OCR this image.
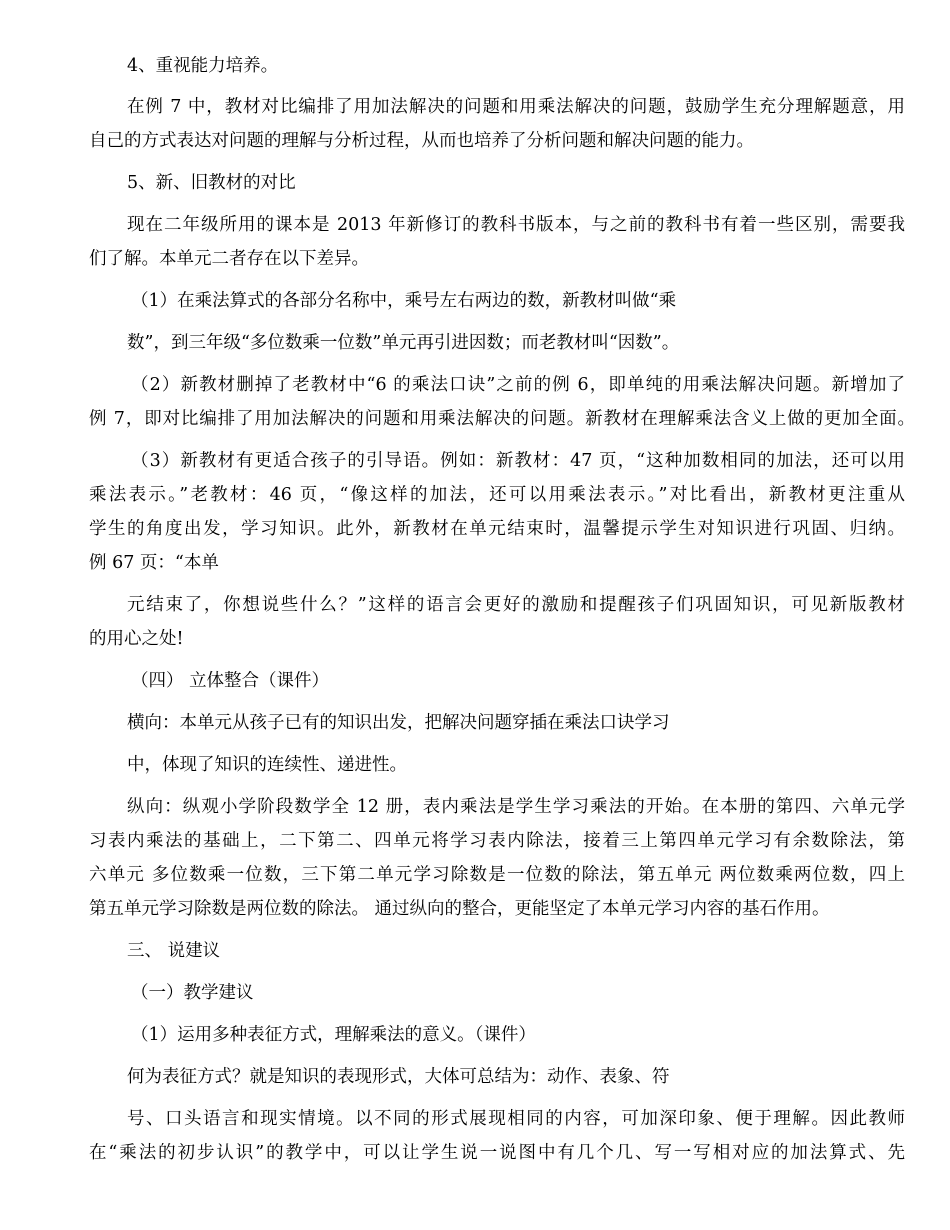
4、重视能力培养。
在例 7 中，教材对比编排了用加法解决的问题和用乘法解决的问题，鼓励学生充分理解题意，用
自己的方式表达对问题的理解与分析过程，从而也培养了分析问题和解决问题的能力。
5、新、旧教材的对比
现在二年级所用的课本是 2013 年新修订的教科书版本，与之前的教科书有着一些区别，需要我
们了解。本单元二者存在以下差异。
（1）在乘法算式的各部分名称中，乘号左右两边的数，新教材叫做“乘
数”，到三年级“多位数乘一位数”单元再引进因数；而老教材叫“因数”。
（2）新教材删掉了老教材中“6 的乘法口诀”之前的例 6，即单纯的用乘法解决问题。新增加了
例 7，即对比编排了用加法解决的问题和用乘法解决的问题。新教材在理解乘法含义上做的更加全面。
（3）新教材有更适合孩子的引导语。例如：新教材：47 页，“这种加数相同的加法，还可以用
乘法表示。”老教材：46 页，“像这样的加法，还可以用乘法表示。”对比看出，新教材更注重从
学生的角度出发，学习知识。此外，新教材在单元结束时，温馨提示学生对知识进行巩固、归纳。
例 67 页：“本单
元结束了，你想说些什么？”这样的语言会更好的激励和提醒孩子们巩固知识，可见新版教材
的用心之处!
（四） 立体整合（课件）
横向：本单元从孩子已有的知识出发，把解决问题穿插在乘法口诀学习
中，体现了知识的连续性、递进性。
纵向：纵观小学阶段数学全 12 册，表内乘法是学生学习乘法的开始。在本册的第四、六单元学
习表内乘法的基础上，二下第二、四单元将学习表内除法，接着三上第四单元学习有余数除法，第
六单元 多位数乘一位数，三下第二单元学习除数是一位数的除法，第五单元 两位数乘两位数，四上
第五单元学习除数是两位数的除法。 通过纵向的整合，更能坚定了本单元学习内容的基石作用。
三、 说建议
（一）教学建议
（1）运用多种表征方式，理解乘法的意义。（课件）
何为表征方式？就是知识的表现形式，大体可总结为：动作、表象、符
号、口头语言和现实情境。以不同的形式展现相同的内容，可加深印象、便于理解。因此教师
在“乘法的初步认识”的教学中，可以让学生说一说图中有几个几、写一写相对应的加法算式、先
